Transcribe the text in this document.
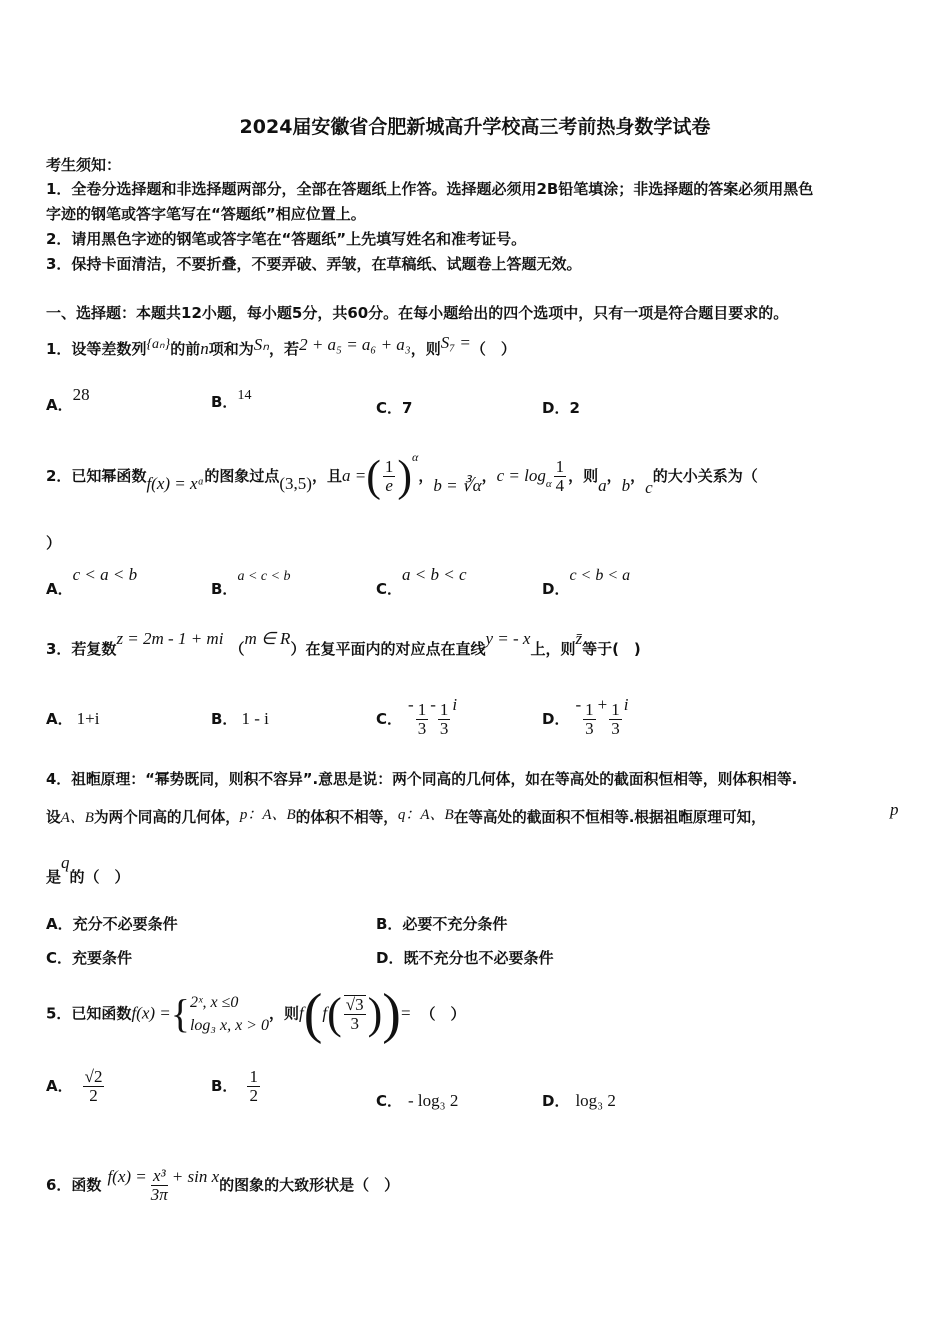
2024届安徽省合肥新城高升学校高三考前热身数学试卷
考生须知：
1．全卷分选择题和非选择题两部分，全部在答题纸上作答。选择题必须用2B铅笔填涂；非选择题的答案必须用黑色
字迹的钢笔或答字笔写在“答题纸”相应位置上。
2．请用黑色字迹的钢笔或答字笔在“答题纸”上先填写姓名和准考证号。
3．保持卡面清洁，不要折叠，不要弄破、弄皱，在草稿纸、试题卷上答题无效。
一、选择题：本题共12小题，每小题5分，共60分。在每小题给出的四个选项中，只有一项是符合题目要求的。
1．设等差数列{aₙ}的前n项和为Sₙ，若2 + a₅ = a₆ + a₃，则S₇ =（　）
A．28	B．14
C．7	D．2
2．已知幂函数f(x) = xᵅ的图象过点(3,5)，且a =( $\frac{1}{e} )^\alpha$，b = ∛α，$c = \log_\alpha \frac{1}{4}$ ，则a，b，c的大小关系为（
）
A．c < a < b
B．a < c < b
C．a < b < c
D．c < b < a
3．若复数z = 2m - 1 + mi（m ∈ R）在复平面内的对应点在直线y = - x上，则z̄等于(　)
A． 1+i	B． 1 - i	C．- $\frac{1}{3} - \frac{1}{3}$ i
D．- $\frac{1}{3} + \frac{1}{3}$ i
4．祖暅原理：“幂势既同，则积不容异”.意思是说：两个同高的几何体，如在等高处的截面积恒相等，则体积相等.
设A、B为两个同高的几何体，p：A、B的体积不相等，q：A、B在等高处的截面积不恒相等.根据祖暅原理可知，	p
是q的（　）
A．充分不必要条件	B．必要不充分条件
C．充要条件	D．既不充分也不必要条件
5．已知函数f(x) ={ 2ˣ, x ≤0
log₃ x, x > 0
，则$f(f( \frac{√3}{3}$ ))= （　）
A． $\frac{√2}{2}$	B． $\frac{1}{2}$	C． - log₃ 2	D． log₃ 2
6．函数 $f(x) = \frac{\text{x³}}{3\pi} + \sin x$的图象的大致形状是（　）
